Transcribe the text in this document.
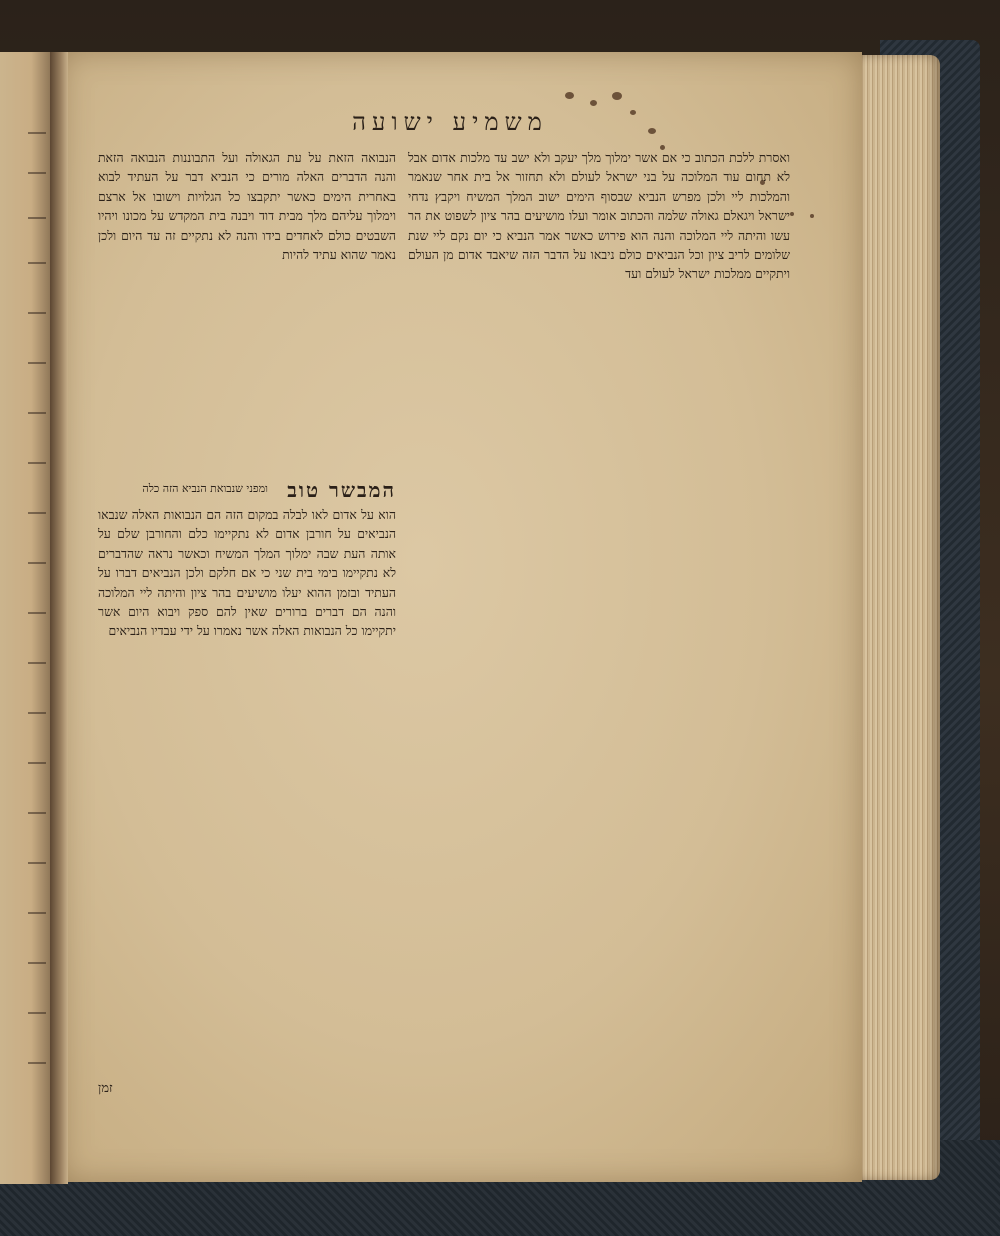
משמיע ישועה
ואסרת ללכת הכתוב כי אם אשר ימלוך מלך יעקב ולא ישב עד מלכות אדום אבל לא תחום עוד המלוכה על בני ישראל לעולם ולא תחזור אל בית אחר שנאמר והמלכות ליי ולכן מפרש הנביא שבסוף הימים ישוב המלך המשיח ויקבץ נדחי ישראל ויגאלם גאולה שלמה והכתוב אומר ועלו מושיעים בהר ציון לשפוט את הר עשו והיתה ליי המלוכה והנה הוא פירוש כאשר אמר הנביא כי יום נקם ליי שנת שלומים לריב ציון וכל הנביאים כולם ניבאו על הדבר הזה שיאבד אדום מן העולם ויתקיים ממלכות ישראל לעולם ועד
הנבואה הזאת על עת הגאולה ועל התבוננות הנבואה הזאת והנה הדברים האלה מורים כי הנביא דבר על העתיד לבוא באחרית הימים כאשר יתקבצו כל הגלויות וישובו אל ארצם וימלוך עליהם מלך מבית דוד ויבנה בית המקדש על מכונו ויהיו השבטים כולם לאחדים בידו והנה לא נתקיים זה עד היום ולכן נאמר שהוא עתיד להיות
המבשר טוב
ומפני שנבואת הנביא הזה כלה
הוא על אדום לאו לבלה במקום הזה הם הנבואות האלה שנבאו הנביאים על חורבן אדום לא נתקיימו כלם והחורבן שלם על אותה העת שבה ימלוך המלך המשיח וכאשר נראה שהדברים לא נתקיימו בימי בית שני כי אם חלקם ולכן הנביאים דברו על העתיד ובזמן ההוא יעלו מושיעים בהר ציון והיתה ליי המלוכה והנה הם דברים ברורים שאין להם ספק ויבוא היום אשר יתקיימו כל הנבואות האלה אשר נאמרו על ידי עבדיו הנביאים
זמן
